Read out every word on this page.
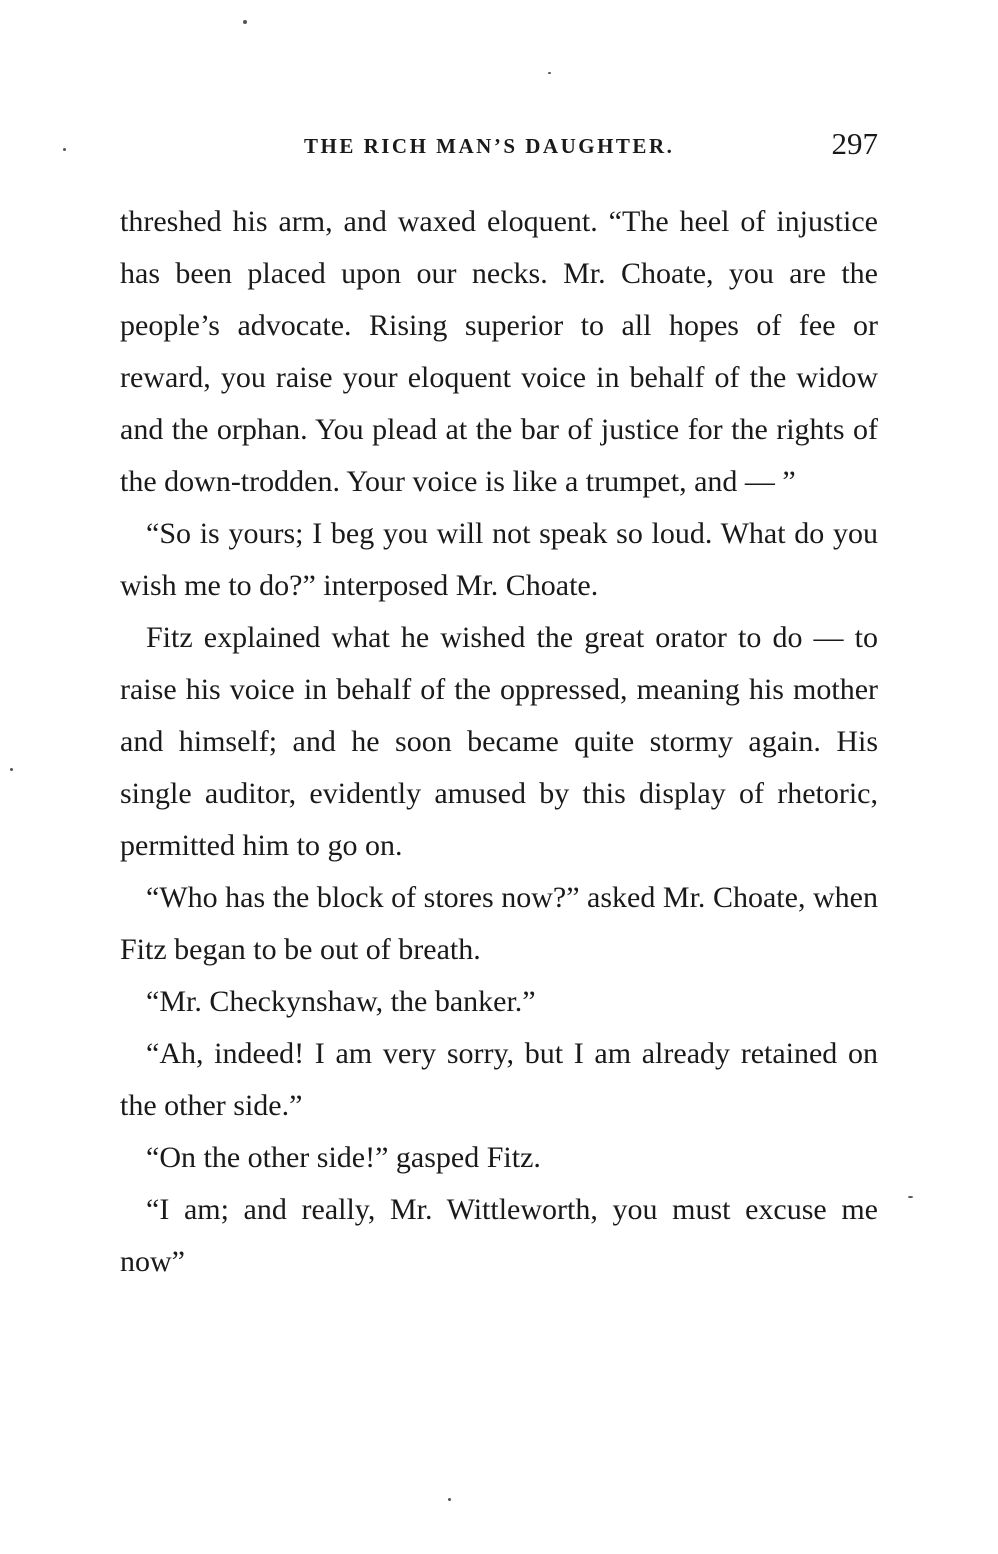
THE RICH MAN’S DAUGHTER.	297

threshed his arm, and waxed eloquent. “The heel of injustice has been placed upon our necks. Mr. Choate, you are the people’s advocate. Rising superior to all hopes of fee or reward, you raise your eloquent voice in behalf of the widow and the orphan. You plead at the bar of justice for the rights of the down-trodden. Your voice is like a trumpet, and — ”

“So is yours; I beg you will not speak so loud. What do you wish me to do?” interposed Mr. Choate.

Fitz explained what he wished the great orator to do — to raise his voice in behalf of the oppressed, meaning his mother and himself; and he soon became quite stormy again. His single auditor, evidently amused by this display of rhetoric, permitted him to go on.

“Who has the block of stores now?” asked Mr. Choate, when Fitz began to be out of breath.

“Mr. Checkynshaw, the banker.”

“Ah, indeed! I am very sorry, but I am already retained on the other side.”

“On the other side!” gasped Fitz.

“I am; and really, Mr. Wittleworth, you must excuse me now”
